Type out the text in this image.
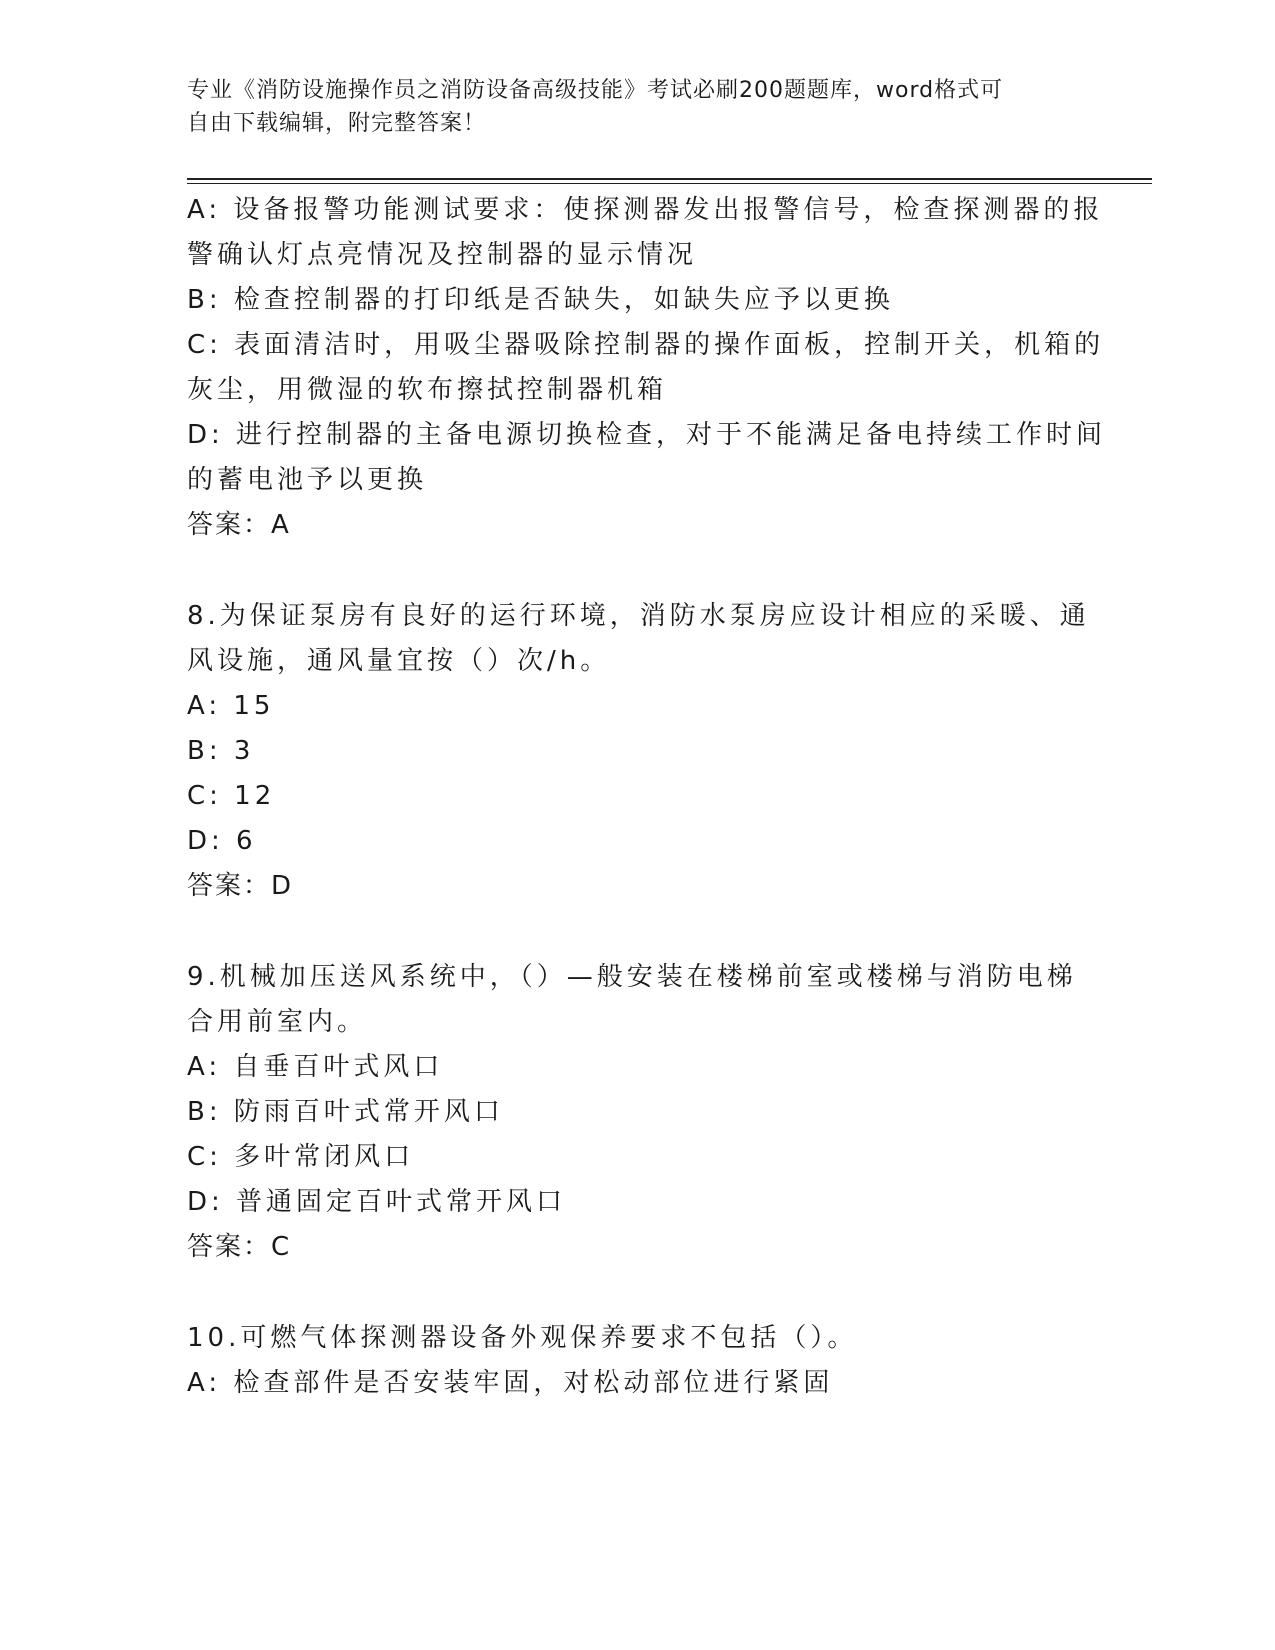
专业《消防设施操作员之消防设备高级技能》考试必刷200题题库，word格式可
自由下载编辑，附完整答案！
A: 设备报警功能测试要求：使探测器发出报警信号，检查探测器的报
警确认灯点亮情况及控制器的显示情况
B: 检查控制器的打印纸是否缺失，如缺失应予以更换
C: 表面清洁时，用吸尘器吸除控制器的操作面板，控制开关，机箱的
灰尘，用微湿的软布擦拭控制器机箱
D: 进行控制器的主备电源切换检查，对于不能满足备电持续工作时间
的蓄电池予以更换
答案：A
8.为保证泵房有良好的运行环境，消防水泵房应设计相应的采暖、通
风设施，通风量宜按（）次/h。
A: 15
B: 3
C: 12
D: 6
答案：D
9.机械加压送风系统中，（）—般安装在楼梯前室或楼梯与消防电梯
合用前室内。
A: 自垂百叶式风口
B: 防雨百叶式常开风口
C: 多叶常闭风口
D: 普通固定百叶式常开风口
答案：C
10.可燃气体探测器设备外观保养要求不包括（）。
A: 检查部件是否安装牢固，对松动部位进行紧固
